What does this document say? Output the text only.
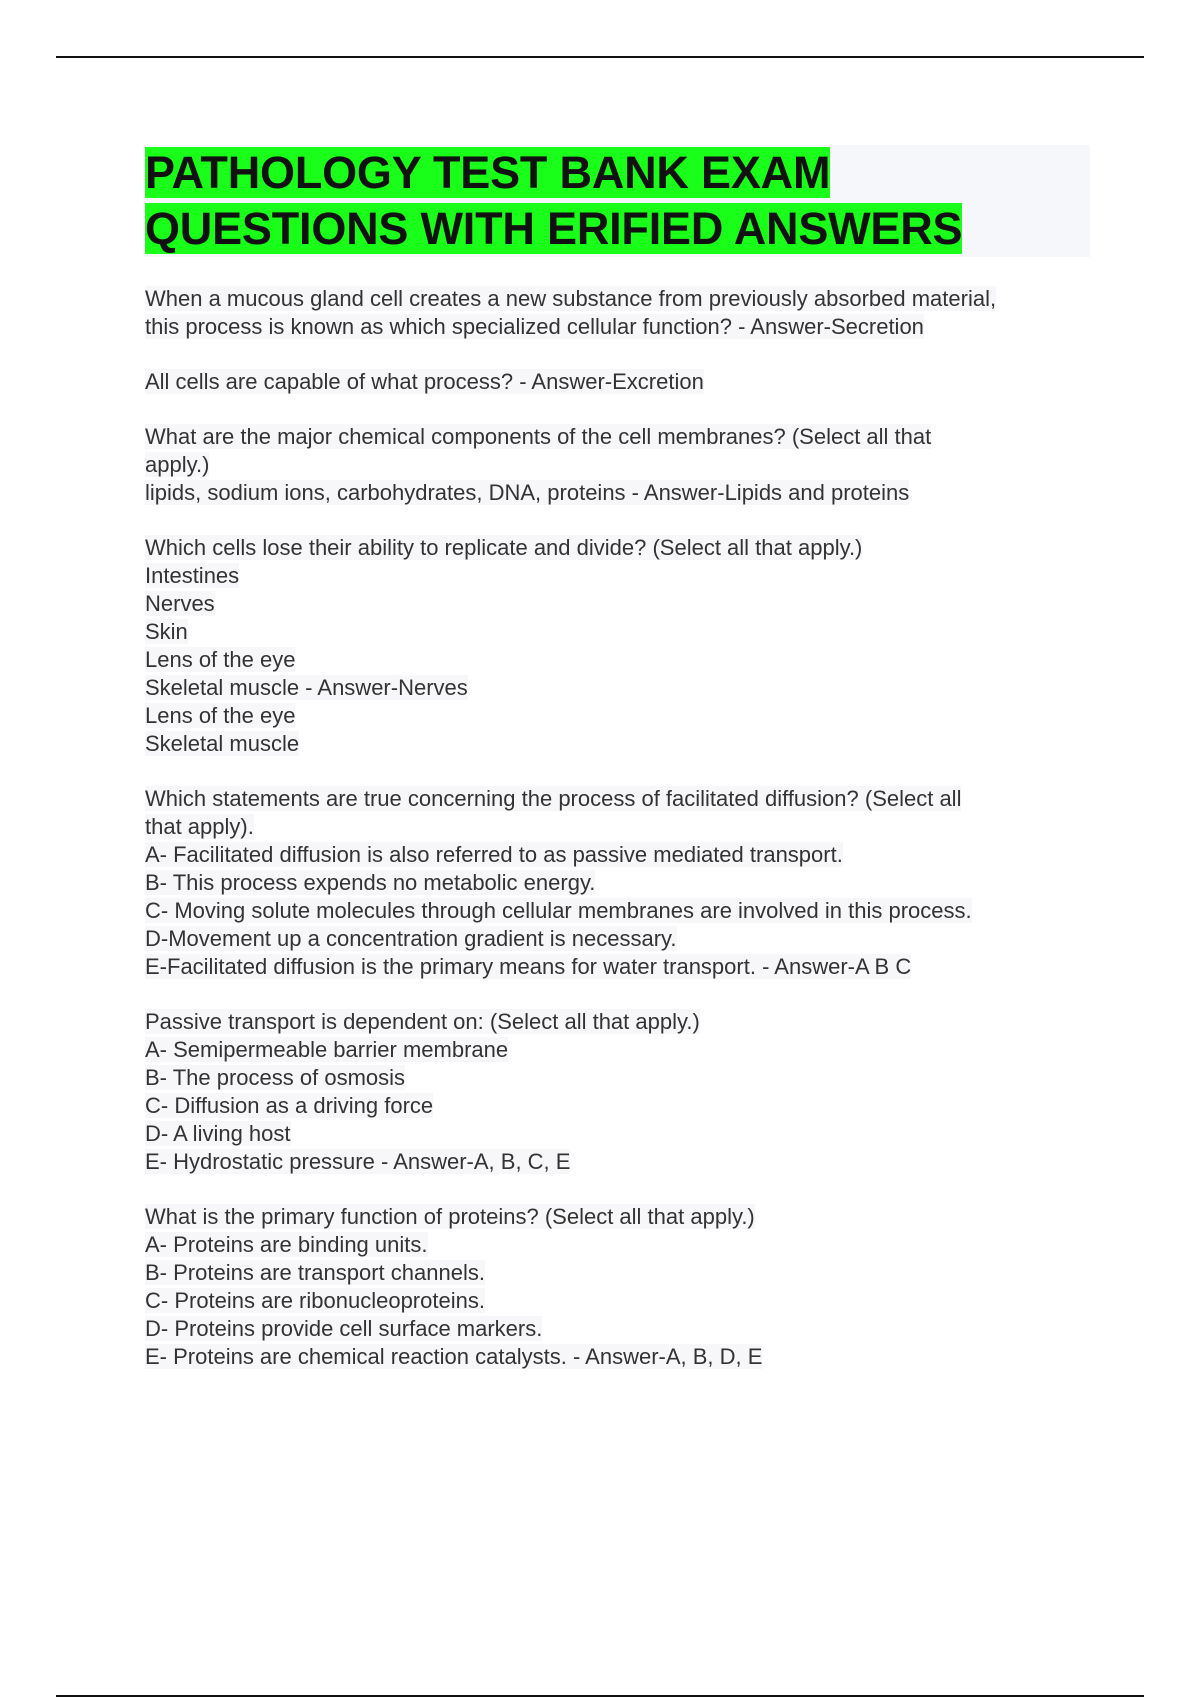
PATHOLOGY TEST BANK EXAM
QUESTIONS WITH ERIFIED ANSWERS
When a mucous gland cell creates a new substance from previously absorbed material,
this process is known as which specialized cellular function? - Answer-Secretion
All cells are capable of what process? - Answer-Excretion
What are the major chemical components of the cell membranes? (Select all that
apply.)
lipids, sodium ions, carbohydrates, DNA, proteins - Answer-Lipids and proteins
Which cells lose their ability to replicate and divide? (Select all that apply.)
Intestines
Nerves
Skin
Lens of the eye
Skeletal muscle - Answer-Nerves
Lens of the eye
Skeletal muscle
Which statements are true concerning the process of facilitated diffusion? (Select all
that apply).
A- Facilitated diffusion is also referred to as passive mediated transport.
B- This process expends no metabolic energy.
C- Moving solute molecules through cellular membranes are involved in this process.
D-Movement up a concentration gradient is necessary.
E-Facilitated diffusion is the primary means for water transport. - Answer-A B C
Passive transport is dependent on: (Select all that apply.)
A- Semipermeable barrier membrane
B- The process of osmosis
C- Diffusion as a driving force
D- A living host
E- Hydrostatic pressure - Answer-A, B, C, E
What is the primary function of proteins? (Select all that apply.)
A- Proteins are binding units.
B- Proteins are transport channels.
C- Proteins are ribonucleoproteins.
D- Proteins provide cell surface markers.
E- Proteins are chemical reaction catalysts. - Answer-A, B, D, E
